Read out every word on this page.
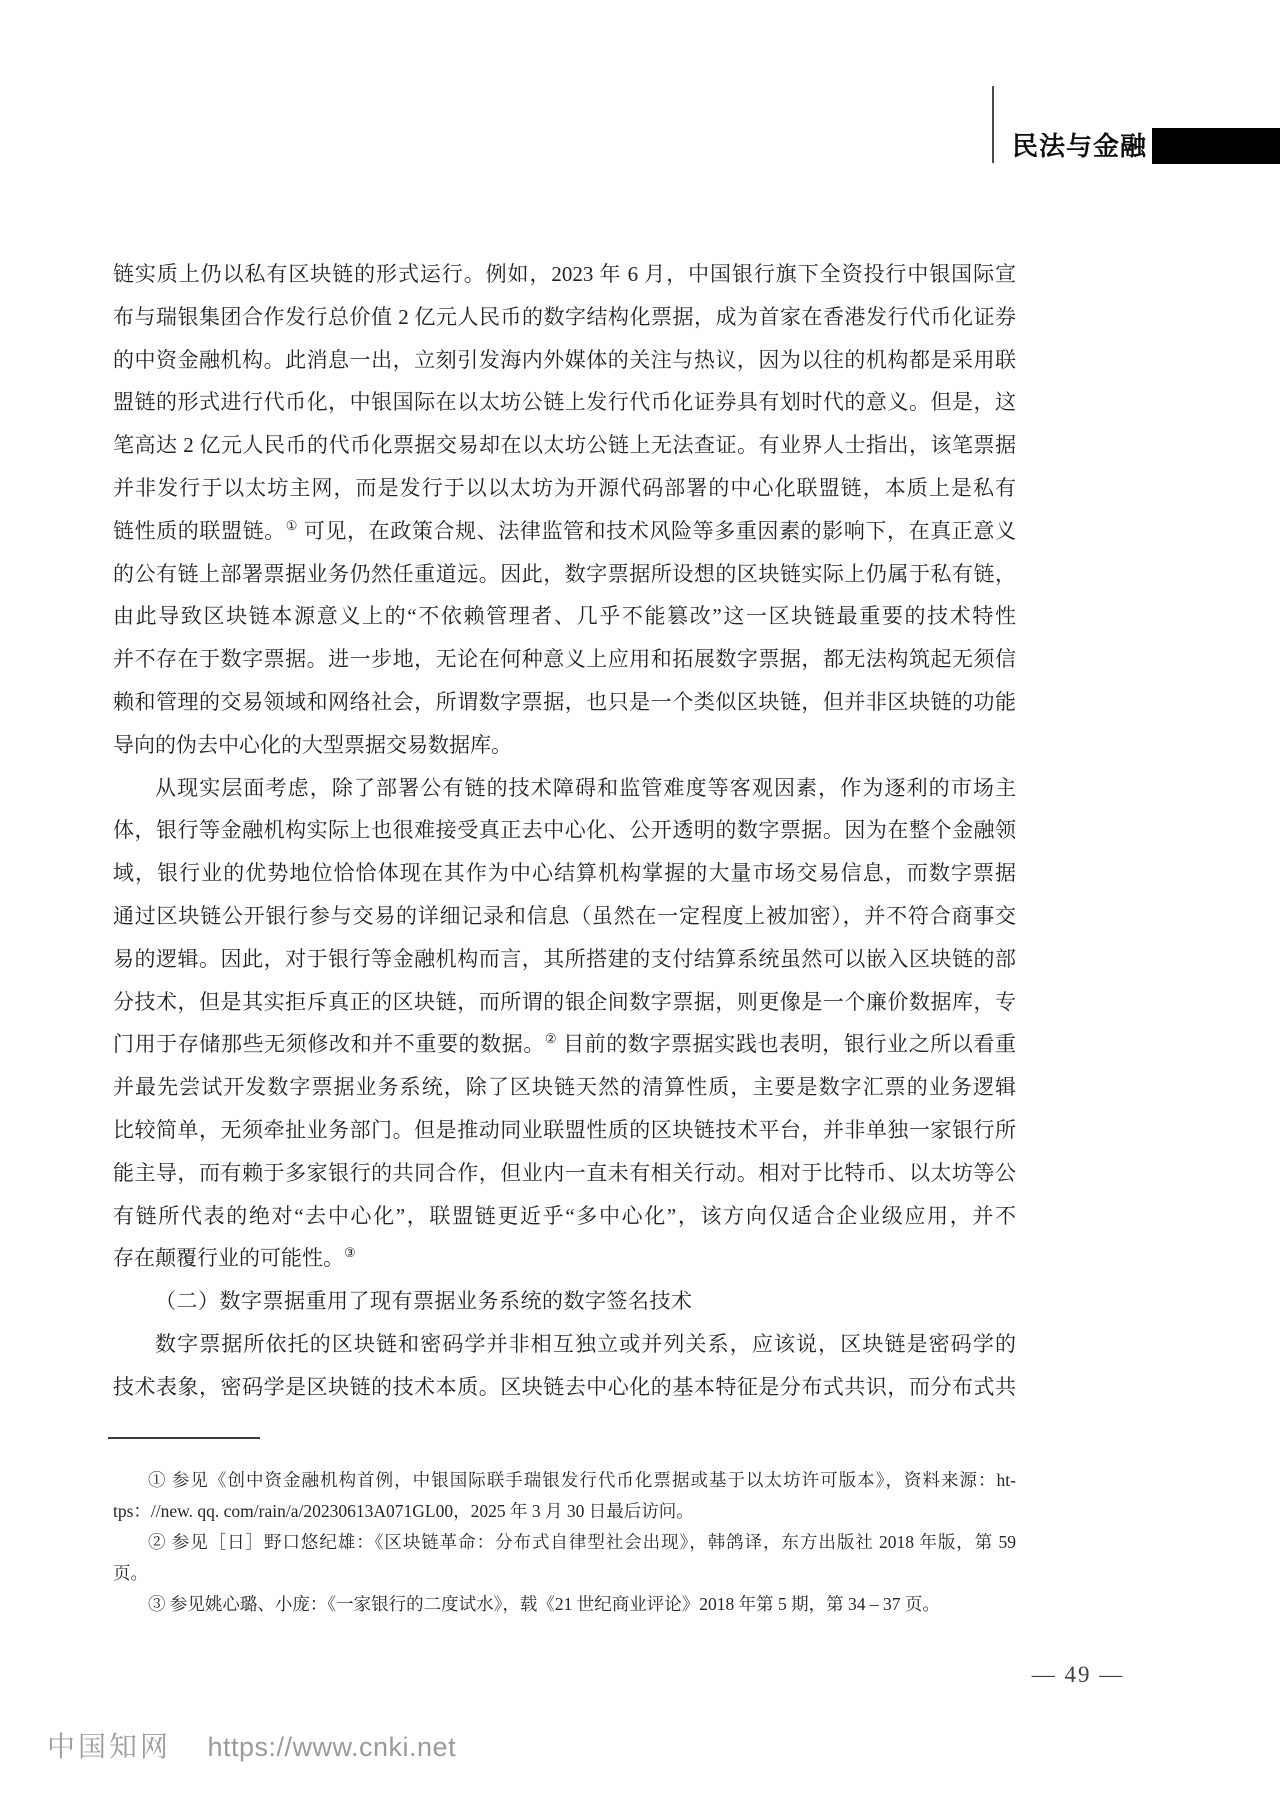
民法与金融
链实质上仍以私有区块链的形式运行。例如，2023 年 6 月，中国银行旗下全资投行中银国际宣
布与瑞银集团合作发行总价值 2 亿元人民币的数字结构化票据，成为首家在香港发行代币化证券
的中资金融机构。此消息一出，立刻引发海内外媒体的关注与热议，因为以往的机构都是采用联
盟链的形式进行代币化，中银国际在以太坊公链上发行代币化证券具有划时代的意义。但是，这
笔高达 2 亿元人民币的代币化票据交易却在以太坊公链上无法查证。有业界人士指出，该笔票据
并非发行于以太坊主网，而是发行于以以太坊为开源代码部署的中心化联盟链，本质上是私有
链性质的联盟链。① 可见，在政策合规、法律监管和技术风险等多重因素的影响下，在真正意义
的公有链上部署票据业务仍然任重道远。因此，数字票据所设想的区块链实际上仍属于私有链，
由此导致区块链本源意义上的“不依赖管理者、几乎不能篡改”这一区块链最重要的技术特性
并不存在于数字票据。进一步地，无论在何种意义上应用和拓展数字票据，都无法构筑起无须信
赖和管理的交易领域和网络社会，所谓数字票据，也只是一个类似区块链，但并非区块链的功能
导向的伪去中心化的大型票据交易数据库。
从现实层面考虑，除了部署公有链的技术障碍和监管难度等客观因素，作为逐利的市场主
体，银行等金融机构实际上也很难接受真正去中心化、公开透明的数字票据。因为在整个金融领
域，银行业的优势地位恰恰体现在其作为中心结算机构掌握的大量市场交易信息，而数字票据
通过区块链公开银行参与交易的详细记录和信息（虽然在一定程度上被加密），并不符合商事交
易的逻辑。因此，对于银行等金融机构而言，其所搭建的支付结算系统虽然可以嵌入区块链的部
分技术，但是其实拒斥真正的区块链，而所谓的银企间数字票据，则更像是一个廉价数据库，专
门用于存储那些无须修改和并不重要的数据。② 目前的数字票据实践也表明，银行业之所以看重
并最先尝试开发数字票据业务系统，除了区块链天然的清算性质，主要是数字汇票的业务逻辑
比较简单，无须牵扯业务部门。但是推动同业联盟性质的区块链技术平台，并非单独一家银行所
能主导，而有赖于多家银行的共同合作，但业内一直未有相关行动。相对于比特币、以太坊等公
有链所代表的绝对“去中心化”，联盟链更近乎“多中心化”，该方向仅适合企业级应用，并不
存在颠覆行业的可能性。③
（二）数字票据重用了现有票据业务系统的数字签名技术
数字票据所依托的区块链和密码学并非相互独立或并列关系，应该说，区块链是密码学的
技术表象，密码学是区块链的技术本质。区块链去中心化的基本特征是分布式共识，而分布式共
① 参见《创中资金融机构首例，中银国际联手瑞银发行代币化票据或基于以太坊许可版本》，资料来源：ht-
tps：//new. qq. com/rain/a/20230613A071GL00，2025 年 3 月 30 日最后访问。
② 参见［日］野口悠纪雄：《区块链革命：分布式自律型社会出现》，韩鸽译，东方出版社 2018 年版，第 59
页。
③ 参见姚心璐、小庞：《一家银行的二度试水》，载《21 世纪商业评论》2018 年第 5 期，第 34 – 37 页。
— 49 —
中国知网 https://www.cnki.net
